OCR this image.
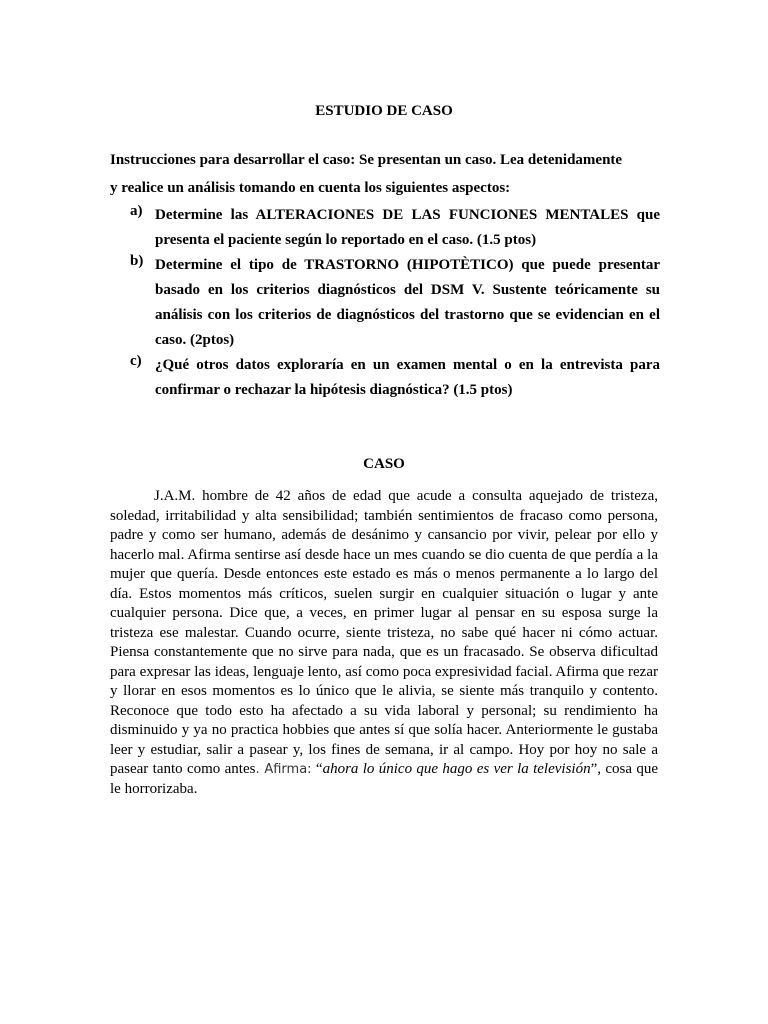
ESTUDIO DE CASO
Instrucciones para desarrollar el caso: Se presentan un caso. Lea detenidamente
y realice un análisis tomando en cuenta los siguientes aspectos:
a) Determine las ALTERACIONES DE LAS FUNCIONES MENTALES que presenta el paciente según lo reportado en el caso. (1.5 ptos)
b) Determine el tipo de TRASTORNO (HIPOTÈTICO) que puede presentar basado en los criterios diagnósticos del DSM V. Sustente teóricamente su análisis con los criterios de diagnósticos del trastorno que se evidencian en el caso. (2ptos)
c) ¿Qué otros datos exploraría en un examen mental o en la entrevista para confirmar o rechazar la hipótesis diagnóstica? (1.5 ptos)
CASO

J.A.M. hombre de 42 años de edad que acude a consulta aquejado de tristeza, soledad, irritabilidad y alta sensibilidad; también sentimientos de fracaso como persona, padre y como ser humano, además de desánimo y cansancio por vivir, pelear por ello y hacerlo mal. Afirma sentirse así desde hace un mes cuando se dio cuenta de que perdía a la mujer que quería. Desde entonces este estado es más o menos permanente a lo largo del día. Estos momentos más críticos, suelen surgir en cualquier situación o lugar y ante cualquier persona. Dice que, a veces, en primer lugar al pensar en su esposa surge la tristeza ese malestar. Cuando ocurre, siente tristeza, no sabe qué hacer ni cómo actuar. Piensa constantemente que no sirve para nada, que es un fracasado. Se observa dificultad para expresar las ideas, lenguaje lento, así como poca expresividad facial. Afirma que rezar y llorar en esos momentos es lo único que le alivia, se siente más tranquilo y contento. Reconoce que todo esto ha afectado a su vida laboral y personal; su rendimiento ha disminuido y ya no practica hobbies que antes sí que solía hacer. Anteriormente le gustaba leer y estudiar, salir a pasear y, los fines de semana, ir al campo. Hoy por hoy no sale a pasear tanto como antes. Afirma: “ahora lo único que hago es ver la televisión”, cosa que le horrorizaba.
